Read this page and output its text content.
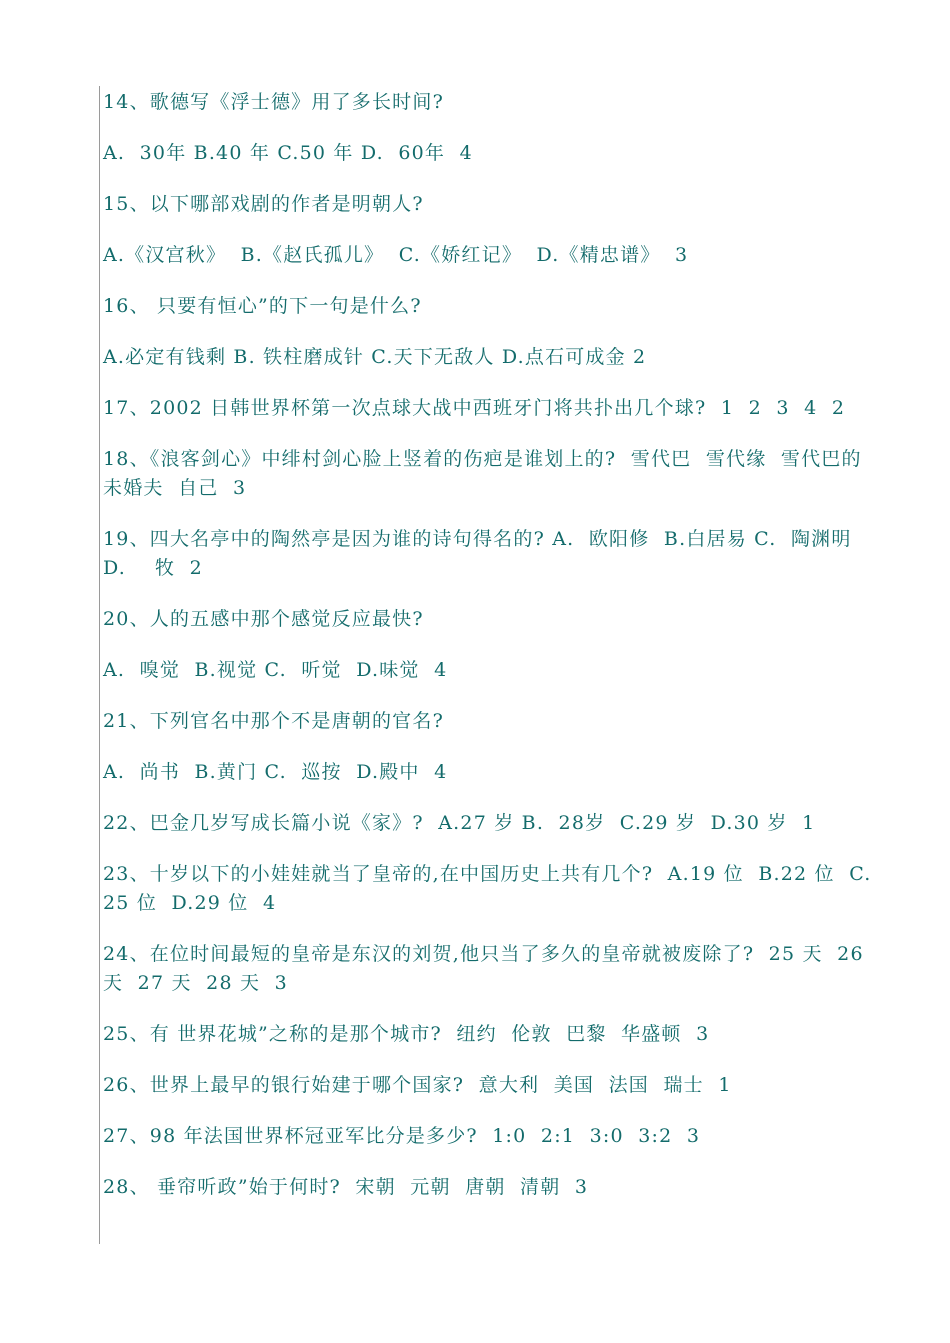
14、歌德写《浮士德》用了多长时间?

A.  30年 B.40 年 C.50 年 D.  60年  4

15、以下哪部戏剧的作者是明朝人?

A.《汉宫秋》  B.《赵氏孤儿》  C.《娇红记》  D.《精忠谱》  3

16、 只要有恒心”的下一句是什么?

A.必定有钱剩 B. 铁柱磨成针 C.天下无敌人 D.点石可成金 2

17、2002 日韩世界杯第一次点球大战中西班牙门将共扑出几个球?  1  2  3  4  2

18、《浪客剑心》中绯村剑心脸上竖着的伤疤是谁划上的?  雪代巴  雪代缘  雪代巴的未婚夫  自己  3

19、四大名亭中的陶然亭是因为谁的诗句得名的? A.  欧阳修  B.白居易 C.  陶渊明  D.    牧  2

20、人的五感中那个感觉反应最快?

A.  嗅觉  B.视觉 C.  听觉  D.味觉  4

21、下列官名中那个不是唐朝的官名?

A.  尚书  B.黄门 C.  巡按  D.殿中  4

22、巴金几岁写成长篇小说《家》?  A.27 岁 B.  28岁  C.29 岁  D.30 岁  1

23、十岁以下的小娃娃就当了皇帝的,在中国历史上共有几个?  A.19 位  B.22 位  C.25 位  D.29 位  4

24、在位时间最短的皇帝是东汉的刘贺,他只当了多久的皇帝就被废除了?  25 天  26 天  27 天  28 天  3

25、有 世界花城”之称的是那个城市?  纽约  伦敦  巴黎  华盛顿  3

26、世界上最早的银行始建于哪个国家?  意大利  美国  法国  瑞士  1

27、98 年法国世界杯冠亚军比分是多少?  1:0  2:1  3:0  3:2  3

28、 垂帘听政”始于何时?  宋朝  元朝  唐朝  清朝  3
